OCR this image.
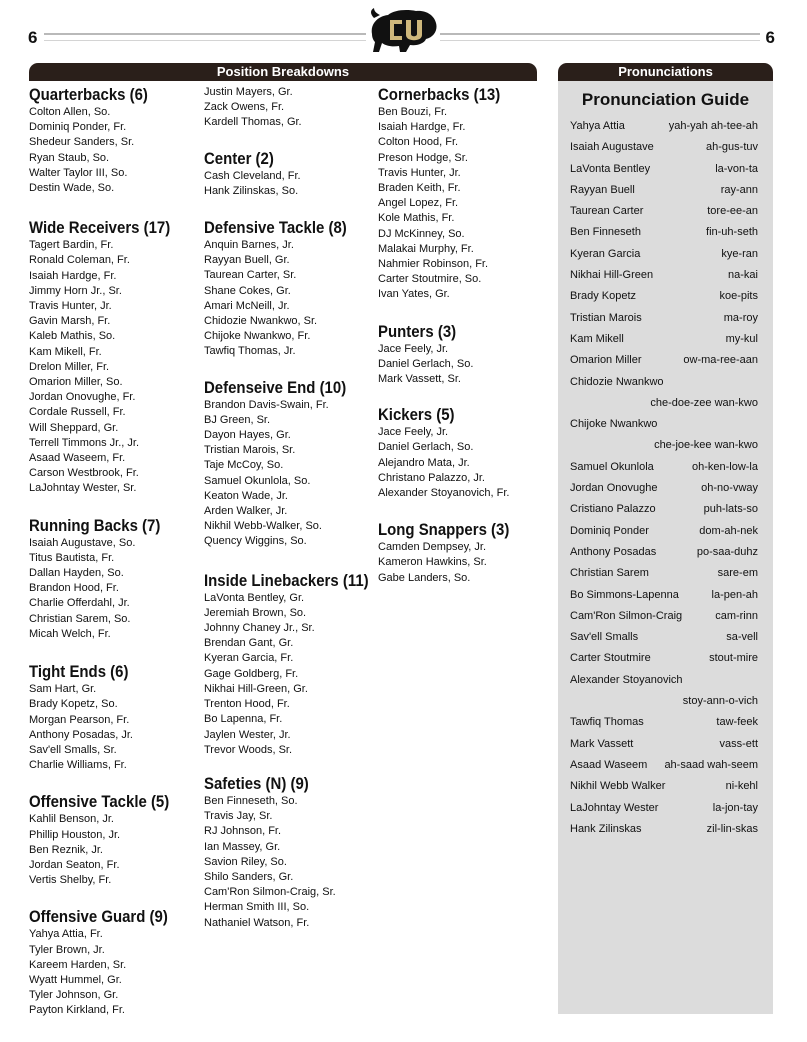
6	6
Position Breakdowns	Pronunciations
Quarterbacks (6)
Colton Allen, So.
Dominiq Ponder, Fr.
Shedeur Sanders, Sr.
Ryan Staub, So.
Walter Taylor III, So.
Destin Wade, So.
Wide Receivers (17)
Tagert Bardin, Fr.
Ronald Coleman, Fr.
Isaiah Hardge, Fr.
Jimmy Horn Jr., Sr.
Travis Hunter, Jr.
Gavin Marsh, Fr.
Kaleb Mathis, So.
Kam Mikell, Fr.
Drelon Miller, Fr.
Omarion Miller, So.
Jordan Onovughe, Fr.
Cordale Russell, Fr.
Will Sheppard, Gr.
Terrell Timmons Jr., Jr.
Asaad Waseem, Fr.
Carson Westbrook, Fr.
LaJohntay Wester, Sr.
Running Backs (7)
Isaiah Augustave, So.
Titus Bautista, Fr.
Dallan Hayden, So.
Brandon Hood, Fr.
Charlie Offerdahl, Jr.
Christian Sarem, So.
Micah Welch, Fr.
Tight Ends (6)
Sam Hart, Gr.
Brady Kopetz, So.
Morgan Pearson, Fr.
Anthony Posadas, Jr.
Sav'ell Smalls, Sr.
Charlie Williams, Fr.
Offensive Tackle (5)
Kahlil Benson, Jr.
Phillip Houston, Jr.
Ben Reznik, Jr.
Jordan Seaton, Fr.
Vertis Shelby, Fr.
Offensive Guard (9)
Yahya Attia, Fr.
Tyler Brown, Jr.
Kareem Harden, Sr.
Wyatt Hummel, Gr.
Tyler Johnson, Gr.
Payton Kirkland, Fr.
Justin Mayers, Gr.
Zack Owens, Fr.
Kardell Thomas, Gr.
Center (2)
Cash Cleveland, Fr.
Hank Zilinskas, So.
Defensive Tackle (8)
Anquin Barnes, Jr.
Rayyan Buell, Gr.
Taurean Carter, Sr.
Shane Cokes, Gr.
Amari McNeill, Jr.
Chidozie Nwankwo, Sr.
Chijoke Nwankwo, Fr.
Tawfiq Thomas, Jr.
Defenseive End (10)
Brandon Davis-Swain, Fr.
BJ Green, Sr.
Dayon Hayes, Gr.
Tristian Marois, Sr.
Taje McCoy, So.
Samuel Okunlola, So.
Keaton Wade, Jr.
Arden Walker, Jr.
Nikhil Webb-Walker, So.
Quency Wiggins, So.
Inside Linebackers (11)
LaVonta Bentley, Gr.
Jeremiah Brown, So.
Johnny Chaney Jr., Sr.
Brendan Gant, Gr.
Kyeran Garcia, Fr.
Gage Goldberg, Fr.
Nikhai Hill-Green, Gr.
Trenton Hood, Fr.
Bo Lapenna, Fr.
Jaylen Wester, Jr.
Trevor Woods, Sr.
Safeties (N) (9)
Ben Finneseth, So.
Travis Jay, Sr.
RJ Johnson, Fr.
Ian Massey, Gr.
Savion Riley, So.
Shilo Sanders, Gr.
Cam'Ron Silmon-Craig, Sr.
Herman Smith III, So.
Nathaniel Watson, Fr.
Cornerbacks (13)
Ben Bouzi, Fr.
Isaiah Hardge, Fr.
Colton Hood, Fr.
Preson Hodge, Sr.
Travis Hunter, Jr.
Braden Keith, Fr.
Angel Lopez, Fr.
Kole Mathis, Fr.
DJ McKinney, So.
Malakai Murphy, Fr.
Nahmier Robinson, Fr.
Carter Stoutmire, So.
Ivan Yates, Gr.
Punters (3)
Jace Feely, Jr.
Daniel Gerlach, So.
Mark Vassett, Sr.
Kickers (5)
Jace Feely, Jr.
Daniel Gerlach, So.
Alejandro Mata, Jr.
Christano Palazzo, Jr.
Alexander Stoyanovich, Fr.
Long Snappers (3)
Camden Dempsey, Jr.
Kameron Hawkins, Sr.
Gabe Landers, So.
Pronunciation Guide
Yahya Attia	yah-yah ah-tee-ah
Isaiah Augustave	ah-gus-tuv
LaVonta Bentley	la-von-ta
Rayyan Buell	ray-ann
Taurean Carter	tore-ee-an
Ben Finneseth	fin-uh-seth
Kyeran Garcia	kye-ran
Nikhai Hill-Green	na-kai
Brady Kopetz	koe-pits
Tristian Marois	ma-roy
Kam Mikell	my-kul
Omarion Miller	ow-ma-ree-aan
Chidozie Nwankwo
che-doe-zee wan-kwo
Chijoke Nwankwo
che-joe-kee wan-kwo
Samuel Okunlola	oh-ken-low-la
Jordan Onovughe	oh-no-vway
Cristiano Palazzo	puh-lats-so
Dominiq Ponder	dom-ah-nek
Anthony Posadas	po-saa-duhz
Christian Sarem	sare-em
Bo Simmons-Lapenna	la-pen-ah
Cam'Ron Silmon-Craig	cam-rinn
Sav'ell Smalls	sa-vell
Carter Stoutmire	stout-mire
Alexander Stoyanovich
stoy-ann-o-vich
Tawfiq Thomas	taw-feek
Mark Vassett	vass-ett
Asaad Waseem ah-saad wah-seem
Nikhil Webb Walker	ni-kehl
LaJohntay Wester	la-jon-tay
Hank Zilinskas	zil-lin-skas
